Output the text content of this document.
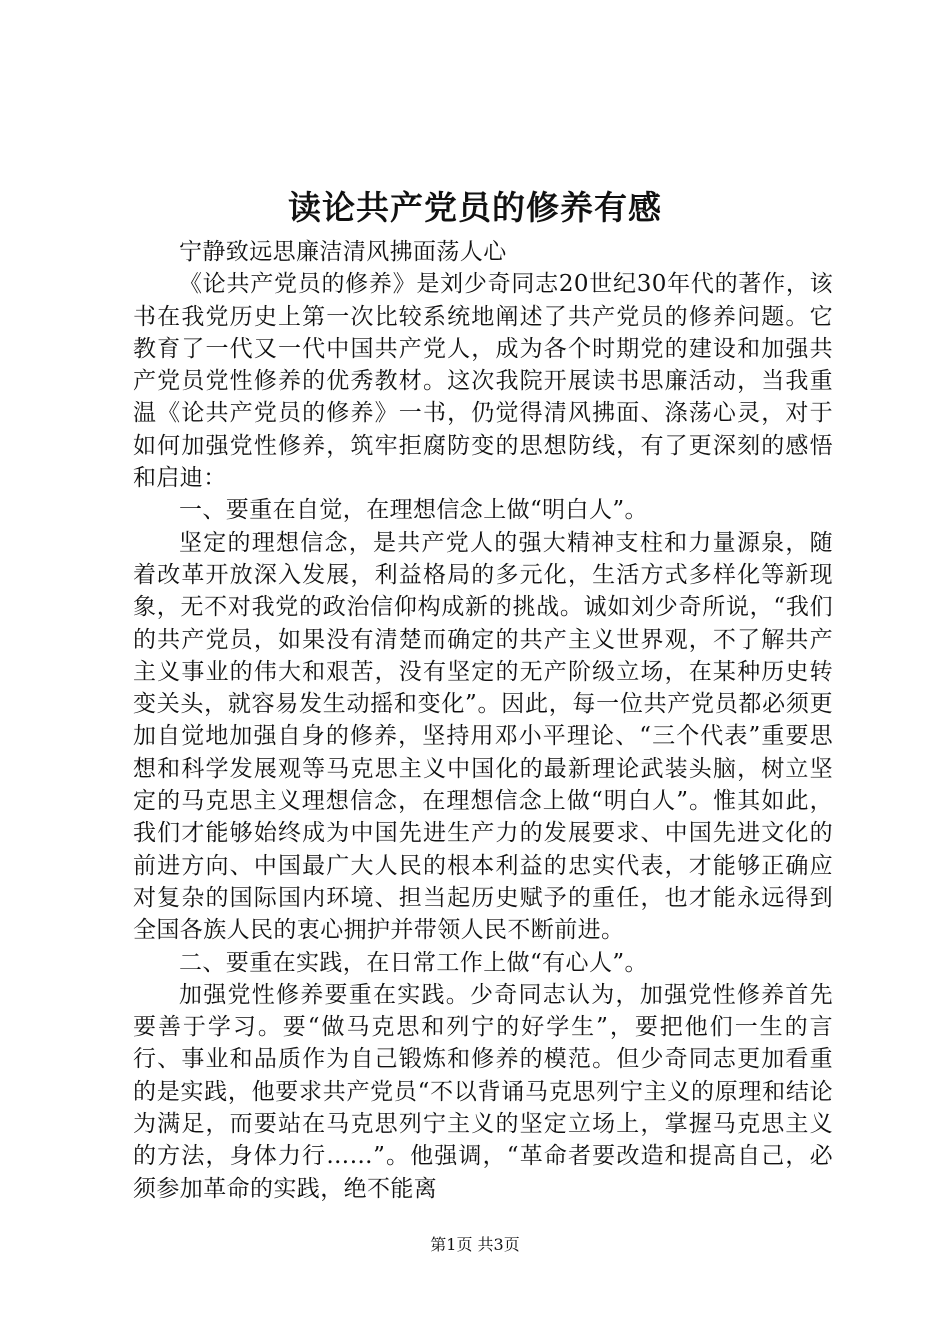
读论共产党员的修养有感

宁静致远思廉洁清风拂面荡人心

《论共产党员的修养》是刘少奇同志20世纪30年代的著作，该书在我党历史上第一次比较系统地阐述了共产党员的修养问题。它教育了一代又一代中国共产党人，成为各个时期党的建设和加强共产党员党性修养的优秀教材。这次我院开展读书思廉活动，当我重温《论共产党员的修养》一书，仍觉得清风拂面、涤荡心灵，对于如何加强党性修养，筑牢拒腐防变的思想防线，有了更深刻的感悟和启迪：

一、要重在自觉，在理想信念上做“明白人”。

坚定的理想信念，是共产党人的强大精神支柱和力量源泉，随着改革开放深入发展，利益格局的多元化，生活方式多样化等新现象，无不对我党的政治信仰构成新的挑战。诚如刘少奇所说，“我们的共产党员，如果没有清楚而确定的共产主义世界观，不了解共产主义事业的伟大和艰苦，没有坚定的无产阶级立场，在某种历史转变关头，就容易发生动摇和变化”。因此，每一位共产党员都必须更加自觉地加强自身的修养，坚持用邓小平理论、“三个代表”重要思想和科学发展观等马克思主义中国化的最新理论武装头脑，树立坚定的马克思主义理想信念，在理想信念上做“明白人”。惟其如此，我们才能够始终成为中国先进生产力的发展要求、中国先进文化的前进方向、中国最广大人民的根本利益的忠实代表，才能够正确应对复杂的国际国内环境、担当起历史赋予的重任，也才能永远得到全国各族人民的衷心拥护并带领人民不断前进。

二、要重在实践，在日常工作上做“有心人”。

加强党性修养要重在实践。少奇同志认为，加强党性修养首先要善于学习。要“做马克思和列宁的好学生”，要把他们一生的言行、事业和品质作为自己锻炼和修养的模范。但少奇同志更加看重的是实践，他要求共产党员“不以背诵马克思列宁主义的原理和结论为满足，而要站在马克思列宁主义的坚定立场上，掌握马克思主义的方法，身体力行……”。他强调，“革命者要改造和提高自己，必须参加革命的实践，绝不能离

第1页 共3页
